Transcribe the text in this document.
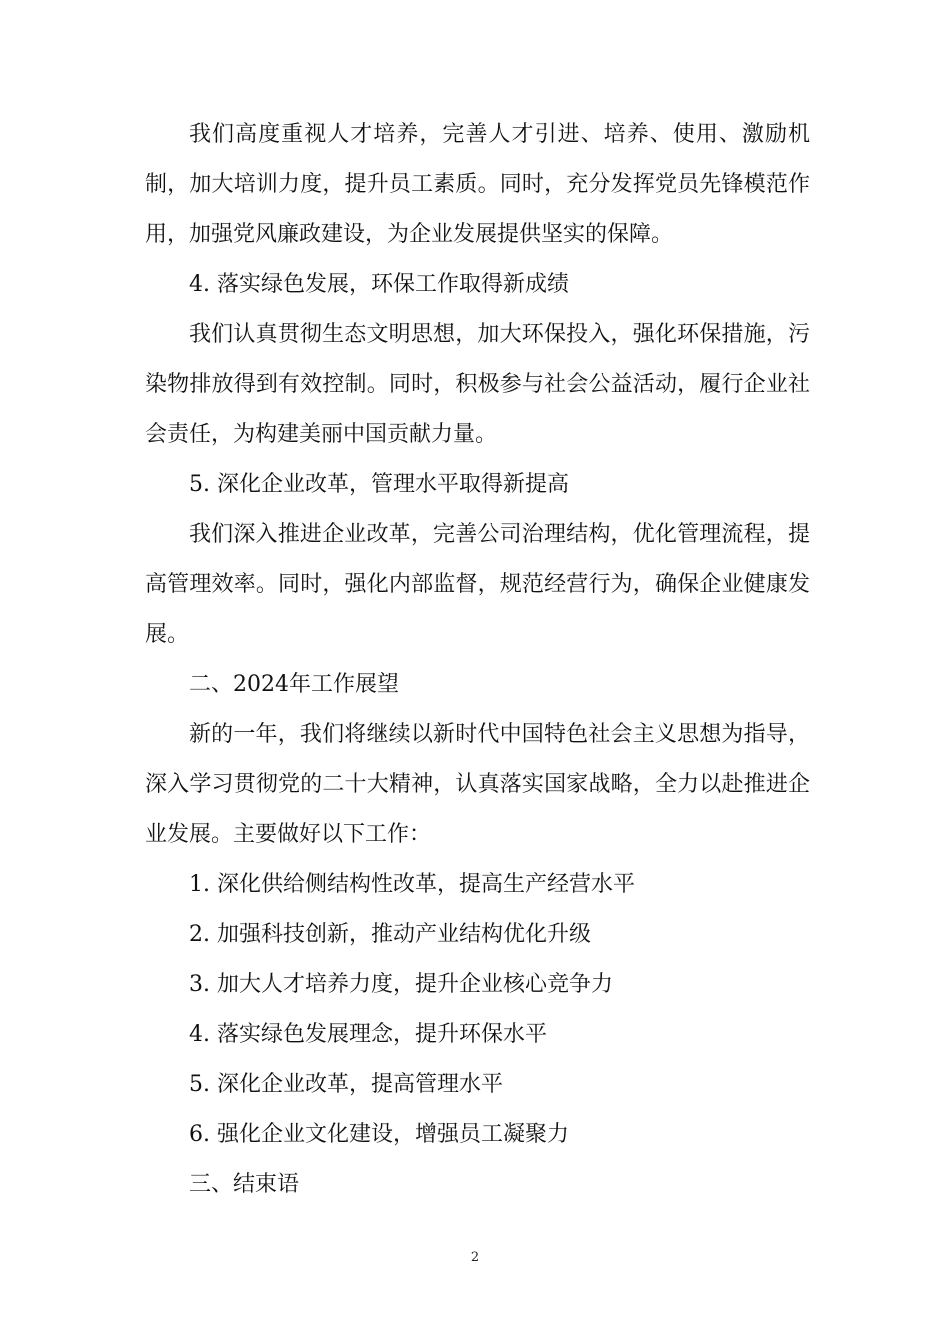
我们高度重视人才培养，完善人才引进、培养、使用、激励机制，加大培训力度，提升员工素质。同时，充分发挥党员先锋模范作用，加强党风廉政建设，为企业发展提供坚实的保障。

4. 落实绿色发展，环保工作取得新成绩

我们认真贯彻生态文明思想，加大环保投入，强化环保措施，污染物排放得到有效控制。同时，积极参与社会公益活动，履行企业社会责任，为构建美丽中国贡献力量。

5. 深化企业改革，管理水平取得新提高

我们深入推进企业改革，完善公司治理结构，优化管理流程，提高管理效率。同时，强化内部监督，规范经营行为，确保企业健康发展。

二、2024年工作展望

新的一年，我们将继续以新时代中国特色社会主义思想为指导，深入学习贯彻党的二十大精神，认真落实国家战略，全力以赴推进企业发展。主要做好以下工作：

1. 深化供给侧结构性改革，提高生产经营水平

2. 加强科技创新，推动产业结构优化升级

3. 加大人才培养力度，提升企业核心竞争力

4. 落实绿色发展理念，提升环保水平

5. 深化企业改革，提高管理水平

6. 强化企业文化建设，增强员工凝聚力

三、结束语

2
